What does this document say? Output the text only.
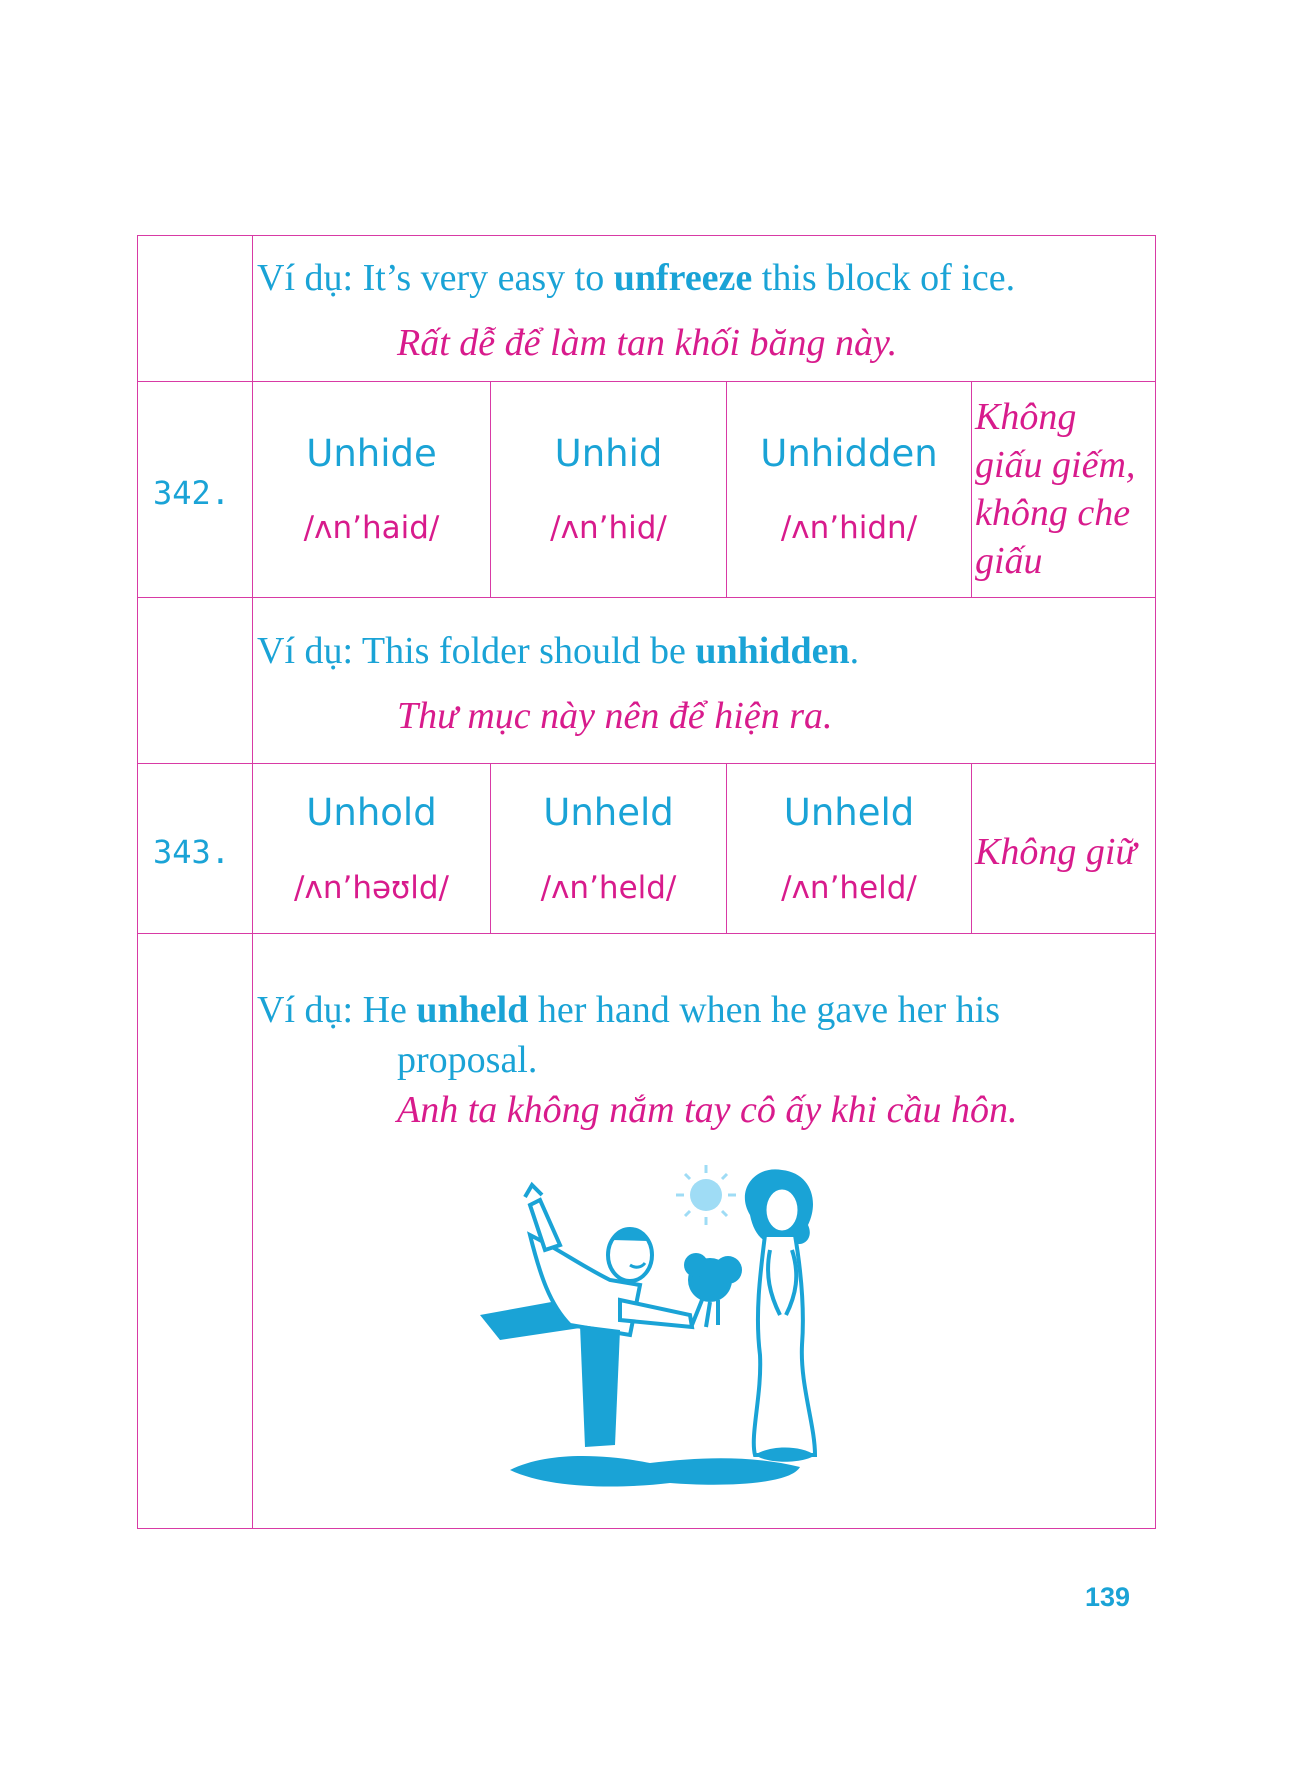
Ví dụ: It’s very easy to unfreeze this block of ice.
Rất dễ để làm tan khối băng này.
342.
Unhide
/ʌn’haid/
Unhid
/ʌn’hid/
Unhidden
/ʌn’hidn/
Không
giấu giếm,
không che
giấu
Ví dụ: This folder should be unhidden.
Thư mục này nên để hiện ra.
343.
Unhold
/ʌn’həʊld/
Unheld
/ʌn’held/
Unheld
/ʌn’held/
Không giữ
Ví dụ: He unheld her hand when he gave her his
proposal.
Anh ta không nắm tay cô ấy khi cầu hôn.
139
